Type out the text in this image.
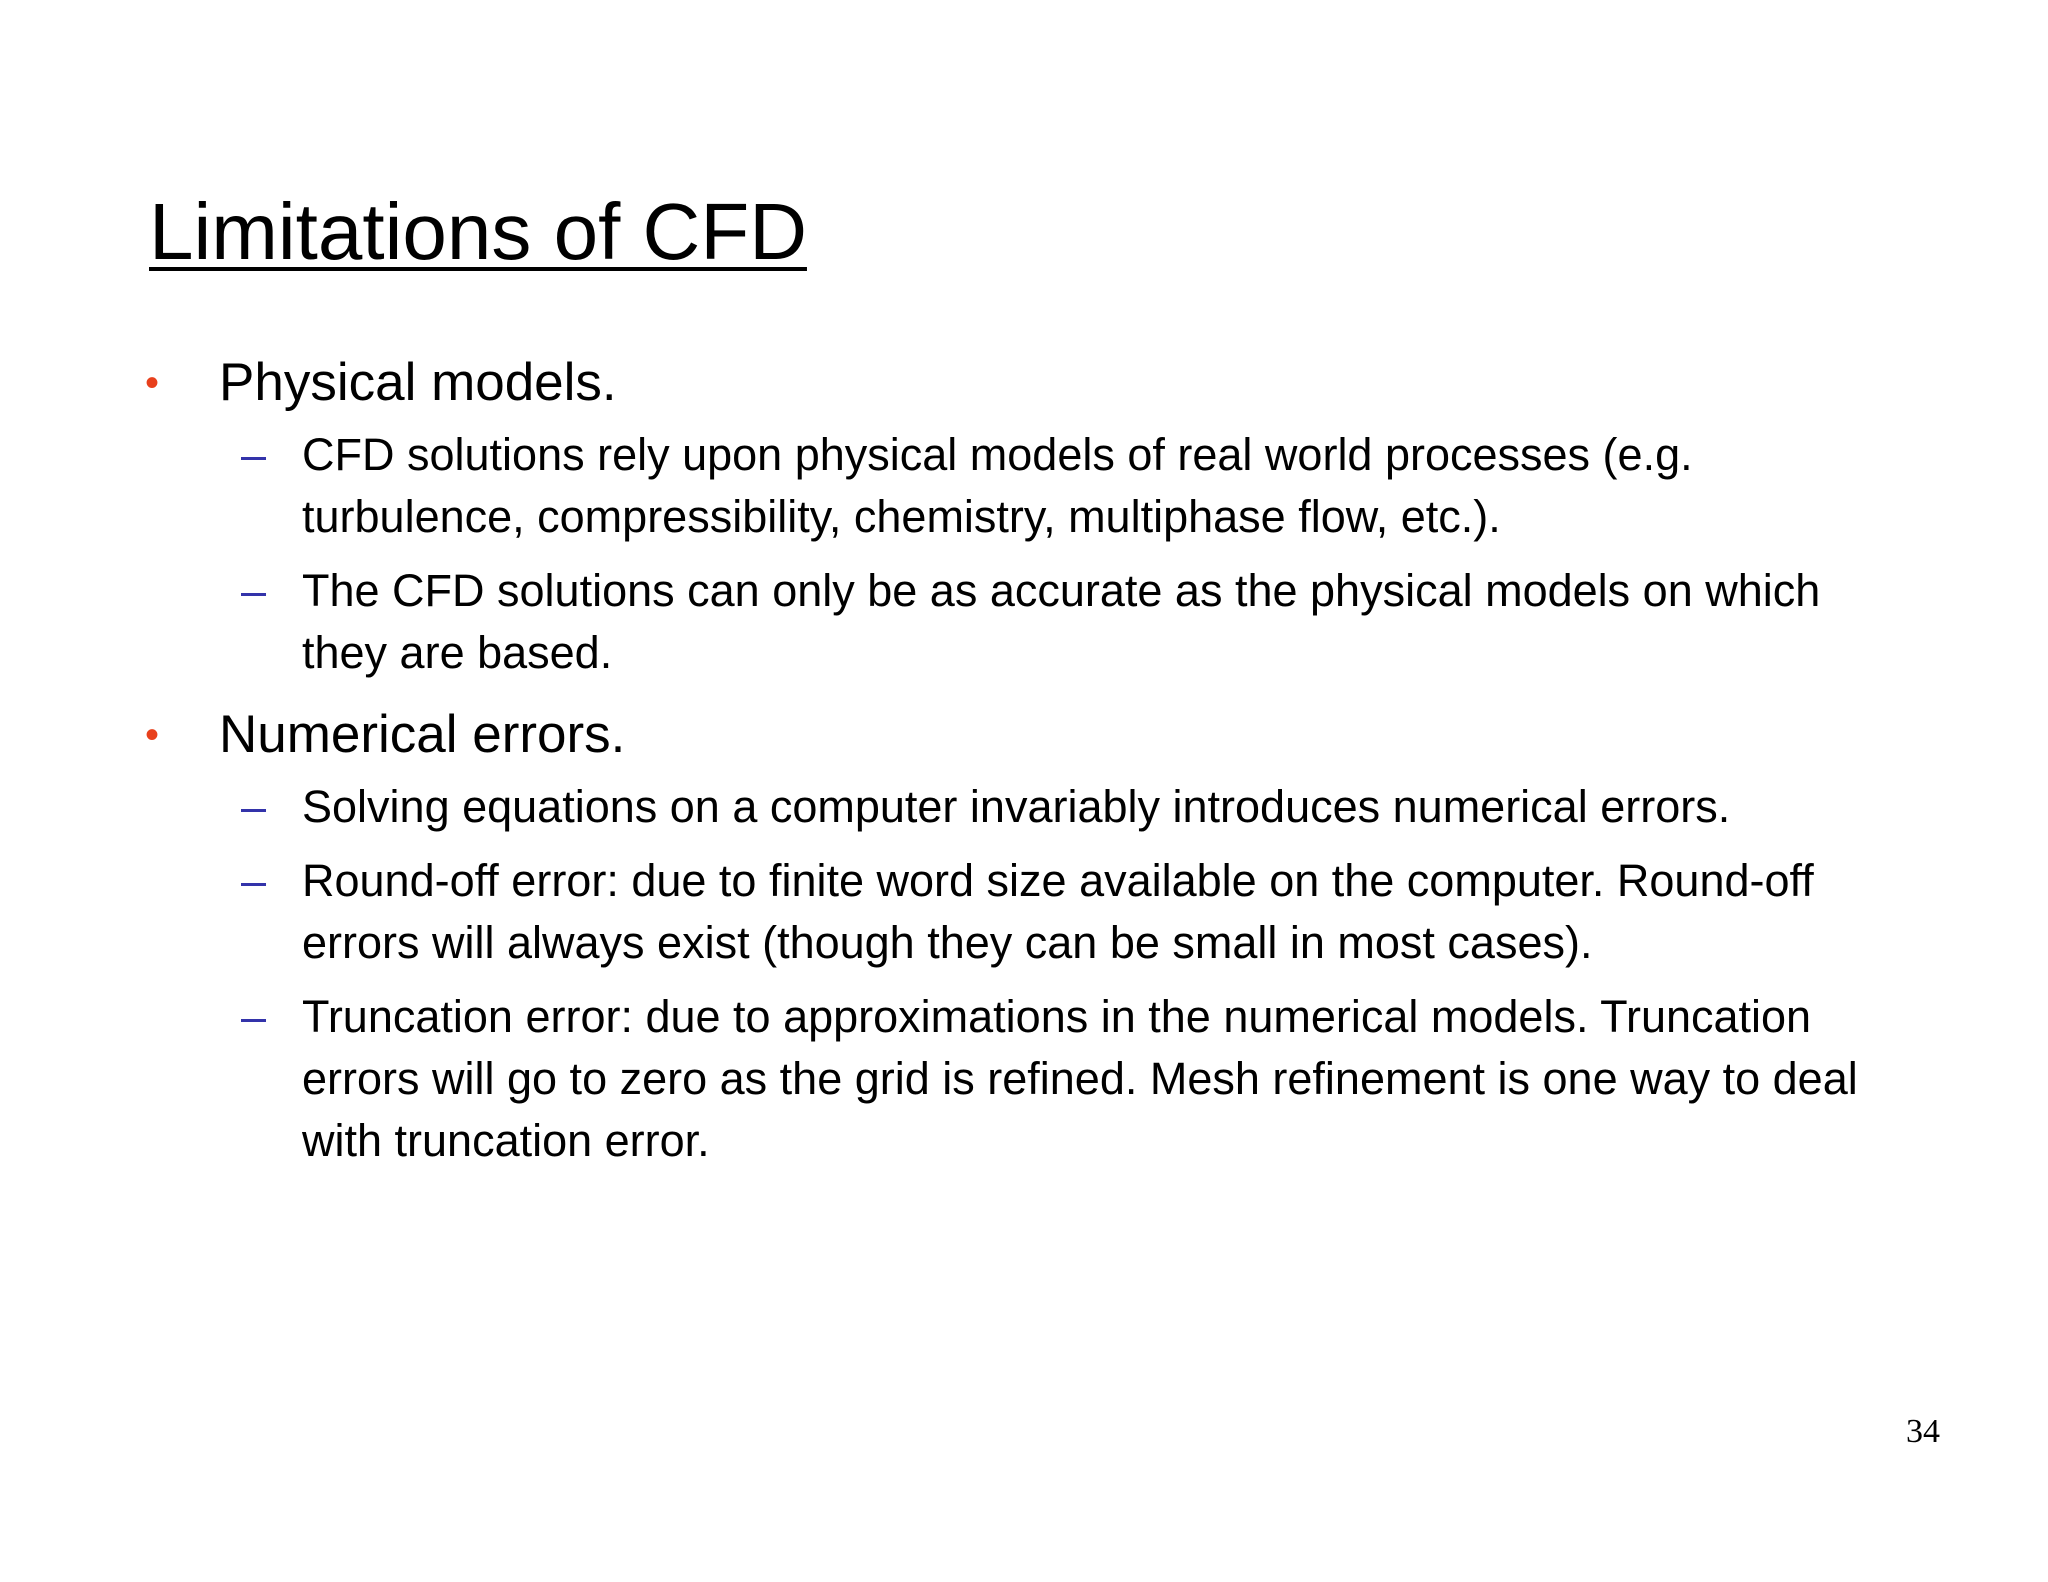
Limitations of CFD
• Physical models.
– CFD solutions rely upon physical models of real world processes (e.g. turbulence, compressibility, chemistry, multiphase flow, etc.).
– The CFD solutions can only be as accurate as the physical models on which they are based.
• Numerical errors.
– Solving equations on a computer invariably introduces numerical errors.
– Round-off error: due to finite word size available on the computer. Round-off errors will always exist (though they can be small in most cases).
– Truncation error: due to approximations in the numerical models. Truncation errors will go to zero as the grid is refined. Mesh refinement is one way to deal with truncation error.
34
